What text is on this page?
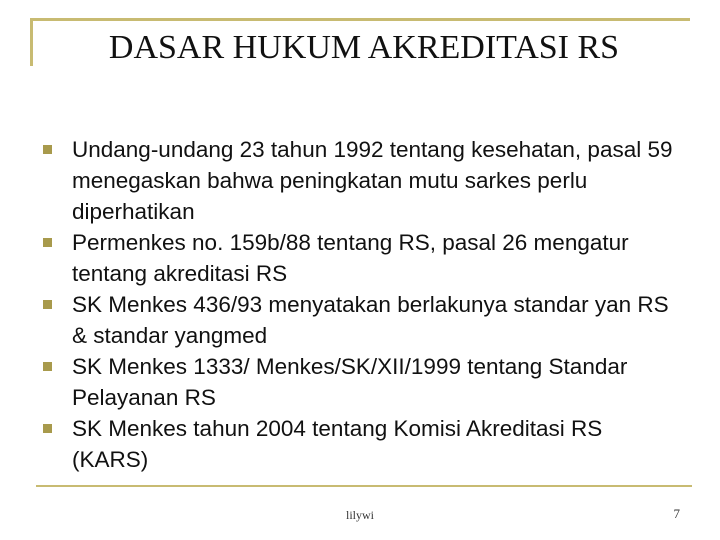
DASAR HUKUM AKREDITASI RS
Undang-undang 23 tahun 1992 tentang kesehatan, pasal 59 menegaskan bahwa peningkatan mutu sarkes perlu diperhatikan
Permenkes no. 159b/88 tentang RS, pasal 26 mengatur tentang akreditasi RS
SK Menkes 436/93 menyatakan berlakunya standar yan RS & standar yangmed
SK Menkes 1333/ Menkes/SK/XII/1999 tentang Standar Pelayanan RS
SK Menkes tahun 2004 tentang Komisi Akreditasi RS (KARS)
lilywi	7
